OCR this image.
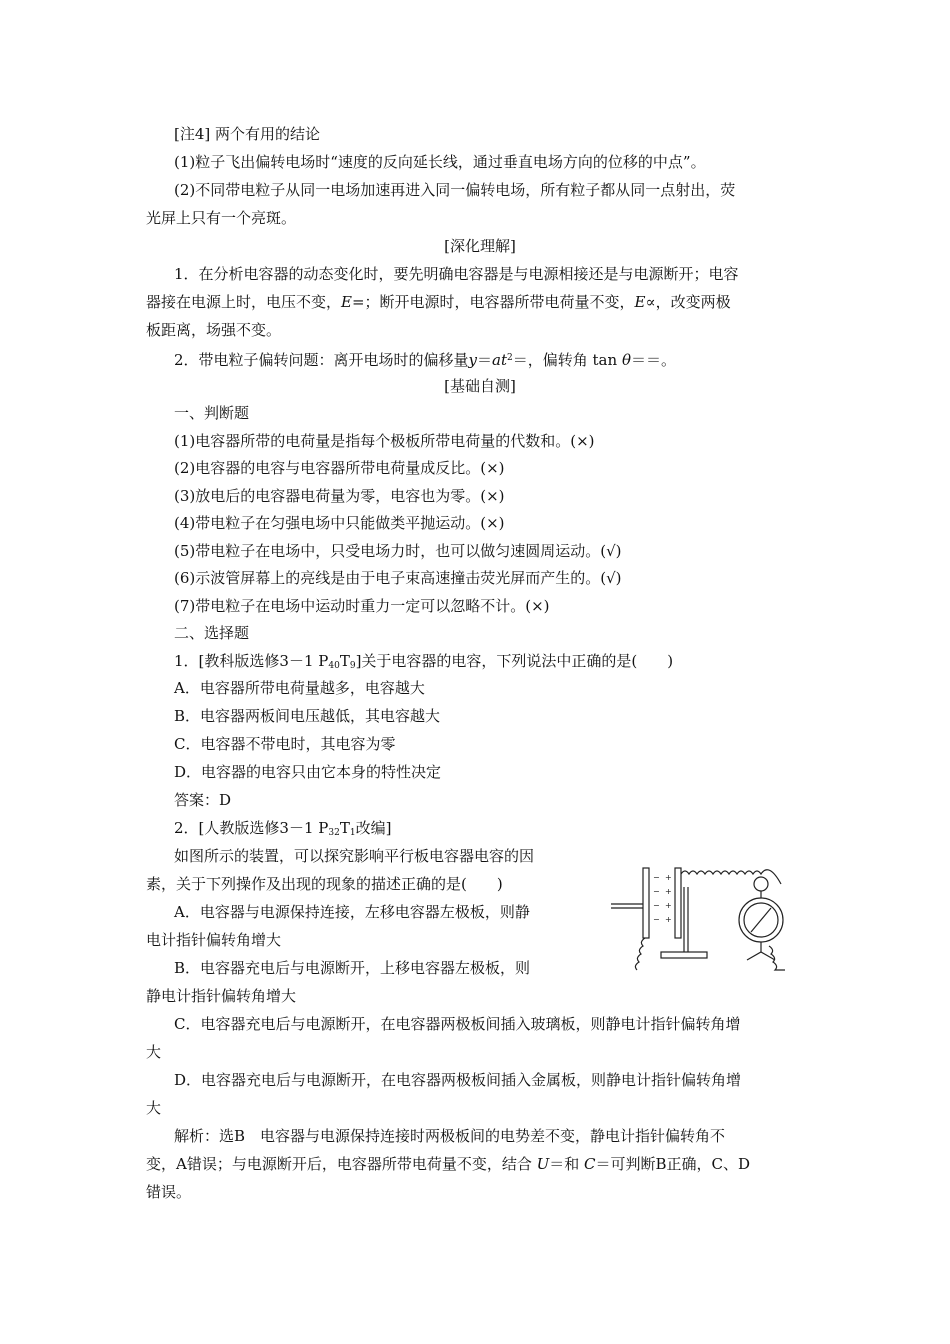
[注4] 两个有用的结论
(1)粒子飞出偏转电场时“速度的反向延长线，通过垂直电场方向的位移的中点”。
(2)不同带电粒子从同一电场加速再进入同一偏转电场，所有粒子都从同一点射出，荧
光屏上只有一个亮斑。
[深化理解]
1．在分析电容器的动态变化时，要先明确电容器是与电源相接还是与电源断开；电容
器接在电源上时，电压不变，E=；断开电源时，电容器所带电荷量不变，E∝，改变两极
板距离，场强不变。
2．带电粒子偏转问题：离开电场时的偏移量$y=at^2=$，偏转角 tan θ＝＝。
[基础自测]
一、判断题
(1)电容器所带的电荷量是指每个极板所带电荷量的代数和。(×)
(2)电容器的电容与电容器所带电荷量成反比。(×)
(3)放电后的电容器电荷量为零，电容也为零。(×)
(4)带电粒子在匀强电场中只能做类平抛运动。(×)
(5)带电粒子在电场中，只受电场力时，也可以做匀速圆周运动。(√)
(6)示波管屏幕上的亮线是由于电子束高速撞击荧光屏而产生的。(√)
(7)带电粒子在电场中运动时重力一定可以忽略不计。(×)
二、选择题
1．[教科版选修3－1 $P_{40}T_9$]关于电容器的电容，下列说法中正确的是(　　)
A．电容器所带电荷量越多，电容越大
B．电容器两板间电压越低，其电容越大
C．电容器不带电时，其电容为零
D．电容器的电容只由它本身的特性决定
答案：D
2．[人教版选修3－1 $P_{32}T_1$改编]
如图所示的装置，可以探究影响平行板电容器电容的因
素，关于下列操作及出现的现象的描述正确的是(　　)
A．电容器与电源保持连接，左移电容器左极板，则静
电计指针偏转角增大
B．电容器充电后与电源断开，上移电容器左极板，则
静电计指针偏转角增大
C．电容器充电后与电源断开，在电容器两极板间插入玻璃板，则静电计指针偏转角增
大
D．电容器充电后与电源断开，在电容器两极板间插入金属板，则静电计指针偏转角增
大
解析：选B　电容器与电源保持连接时两极板间的电势差不变，静电计指针偏转角不
变，A错误；与电源断开后，电容器所带电荷量不变，结合 U＝和 C＝可判断B正确，C、D
错误。
−
−
−
−
+
+
+
+
